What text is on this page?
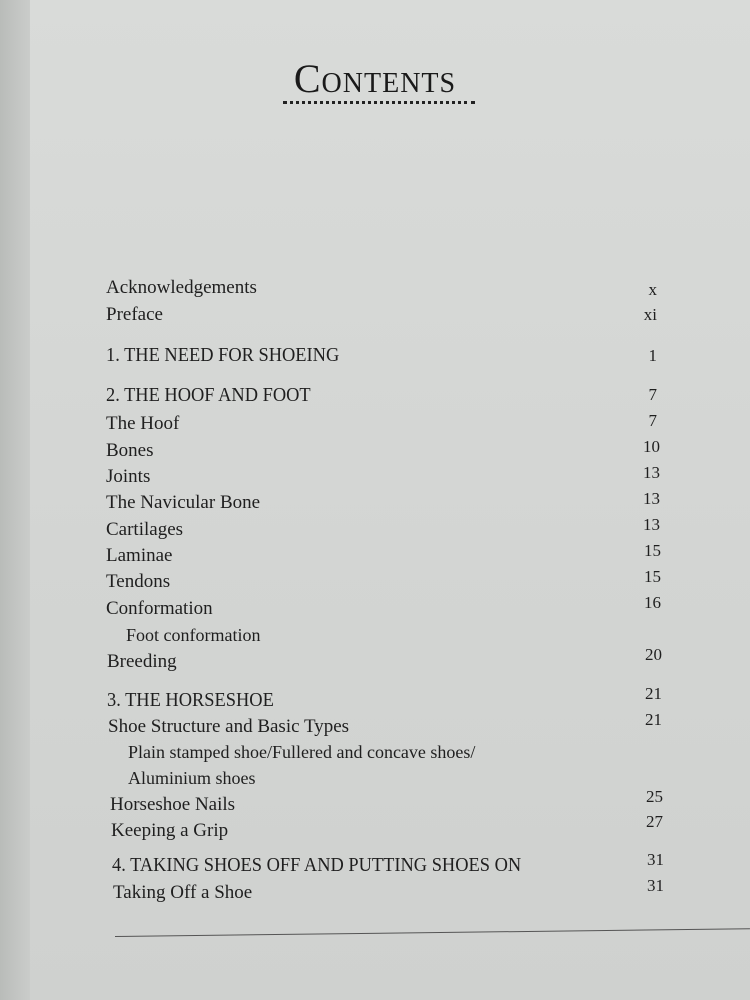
Contents
Acknowledgements
Preface
1. THE NEED FOR SHOEING
2. THE HOOF AND FOOT
The Hoof
Bones
Joints
The Navicular Bone
Cartilages
Laminae
Tendons
Conformation
Foot conformation
Breeding
3. THE HORSESHOE
Shoe Structure and Basic Types
Plain stamped shoe/Fullered and concave shoes/
Aluminium shoes
Horseshoe Nails
Keeping a Grip
4. TAKING SHOES OFF AND PUTTING SHOES ON
Taking Off a Shoe
x
xi
1
7
7
10
13
13
13
15
15
16
20
21
21
25
27
31
31
